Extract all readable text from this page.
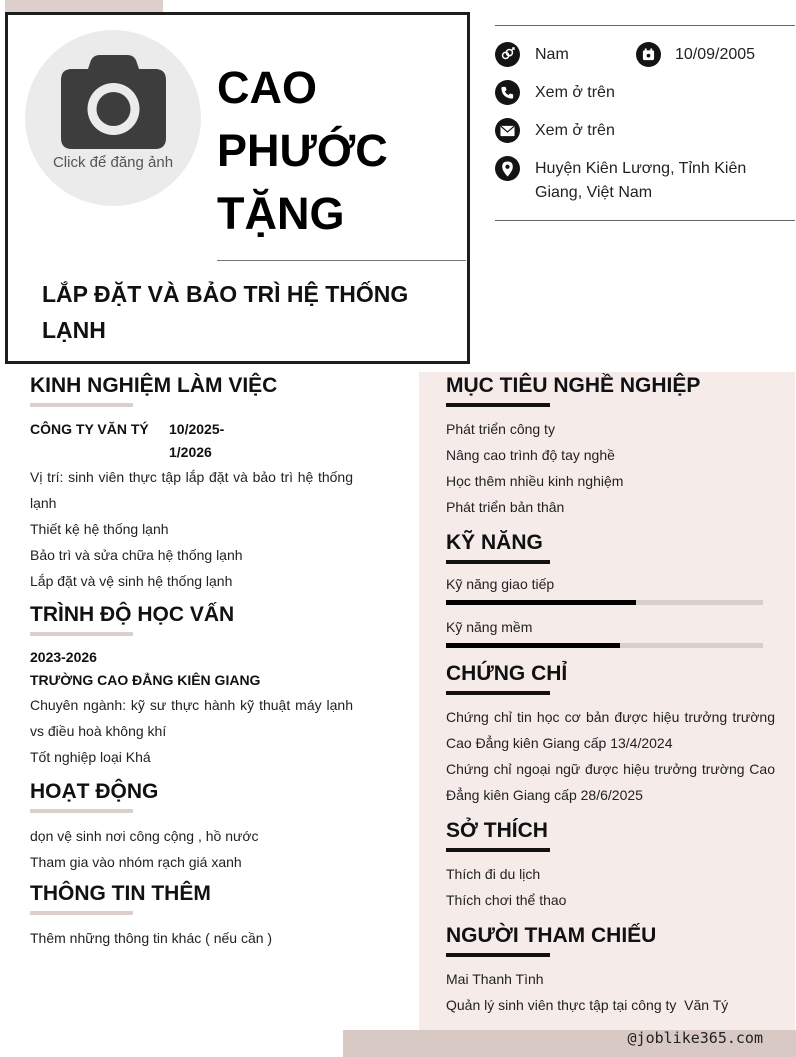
Click để đăng ảnh
CAO
PHƯỚC
TẶNG
LẮP ĐẶT VÀ BẢO TRÌ HỆ THỐNG LẠNH
Nam	10/09/2005
Xem ở trên
Xem ở trên
Huyện Kiên Lương, Tỉnh Kiên Giang, Việt Nam
KINH NGHIỆM LÀM VIỆC
CÔNG TY VĂN TÝ	10/2025-1/2026
Vị trí: sinh viên thực tập lắp đặt và bảo trì hệ thống lạnh
Thiết kệ hệ thống lạnh
Bảo trì và sửa chữa hệ thống lạnh
Lắp đặt và vệ sinh hệ thống lạnh
TRÌNH ĐỘ HỌC VẤN
2023-2026
TRƯỜNG CAO ĐẲNG KIÊN GIANG
Chuyên ngành: kỹ sư thực hành kỹ thuật máy lạnh vs điều hoà không khí
Tốt nghiệp loại Khá
HOẠT ĐỘNG
dọn vệ sinh nơi công cộng , hồ nước
Tham gia vào nhóm rạch giá xanh
THÔNG TIN THÊM
Thêm những thông tin khác ( nếu cần )
MỤC TIÊU NGHỀ NGHIỆP
Phát triển công ty
Nâng cao trình độ tay nghề
Học thêm nhiều kinh nghiệm
Phát triển bản thân
KỸ NĂNG
Kỹ năng giao tiếp
Kỹ năng mềm
CHỨNG CHỈ
Chứng chỉ tin học cơ bản được hiệu trưởng trường Cao Đẳng kiên Giang cấp 13/4/2024
Chứng chỉ ngoại ngữ được hiệu trưởng trường Cao Đẳng kiên Giang cấp 28/6/2025
SỞ THÍCH
Thích đi du lịch
Thích chơi thể thao
NGƯỜI THAM CHIẾU
Mai Thanh Tình
Quản lý sinh viên thực tập tại công ty  Văn Tý
@joblike365.com
